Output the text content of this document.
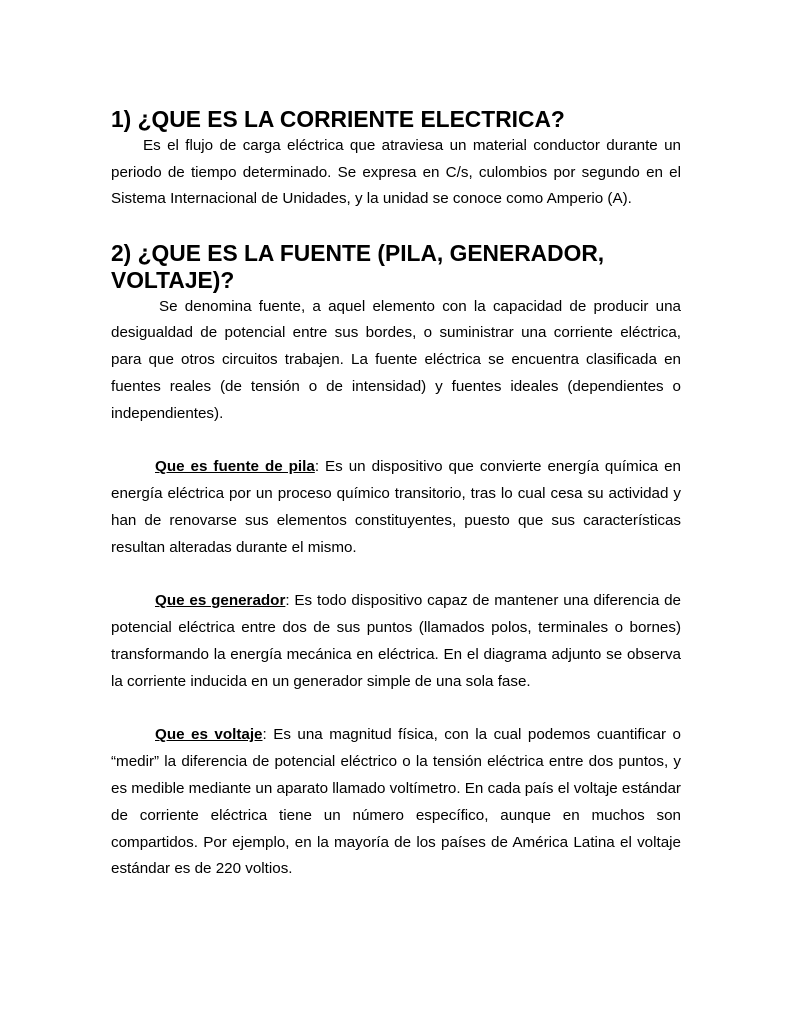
1) ¿QUE ES LA CORRIENTE ELECTRICA?

Es el flujo de carga eléctrica que atraviesa un material conductor durante un periodo de tiempo determinado. Se expresa en C/s, culombios por segundo en el Sistema Internacional de Unidades, y la unidad se conoce como Amperio (A).

2) ¿QUE ES LA FUENTE (PILA, GENERADOR, VOLTAJE)?

Se denomina fuente, a aquel elemento con la capacidad de producir una desigualdad de potencial entre sus bordes, o suministrar una corriente eléctrica, para que otros circuitos trabajen. La fuente eléctrica se encuentra clasificada en fuentes reales (de tensión o de intensidad) y fuentes ideales (dependientes o independientes).

Que es fuente de pila: Es un dispositivo que convierte energía química en energía eléctrica por un proceso químico transitorio, tras lo cual cesa su actividad y han de renovarse sus elementos constituyentes, puesto que sus características resultan alteradas durante el mismo.

Que es generador: Es todo dispositivo capaz de mantener una diferencia de potencial eléctrica entre dos de sus puntos (llamados polos, terminales o bornes) transformando la energía mecánica en eléctrica. En el diagrama adjunto se observa la corriente inducida en un generador simple de una sola fase.

Que es voltaje: Es una magnitud física, con la cual podemos cuantificar o “medir” la diferencia de potencial eléctrico o la tensión eléctrica entre dos puntos, y es medible mediante un aparato llamado voltímetro. En cada país el voltaje estándar de corriente eléctrica tiene un número específico, aunque en muchos son compartidos. Por ejemplo, en la mayoría de los países de América Latina el voltaje estándar es de 220 voltios.
